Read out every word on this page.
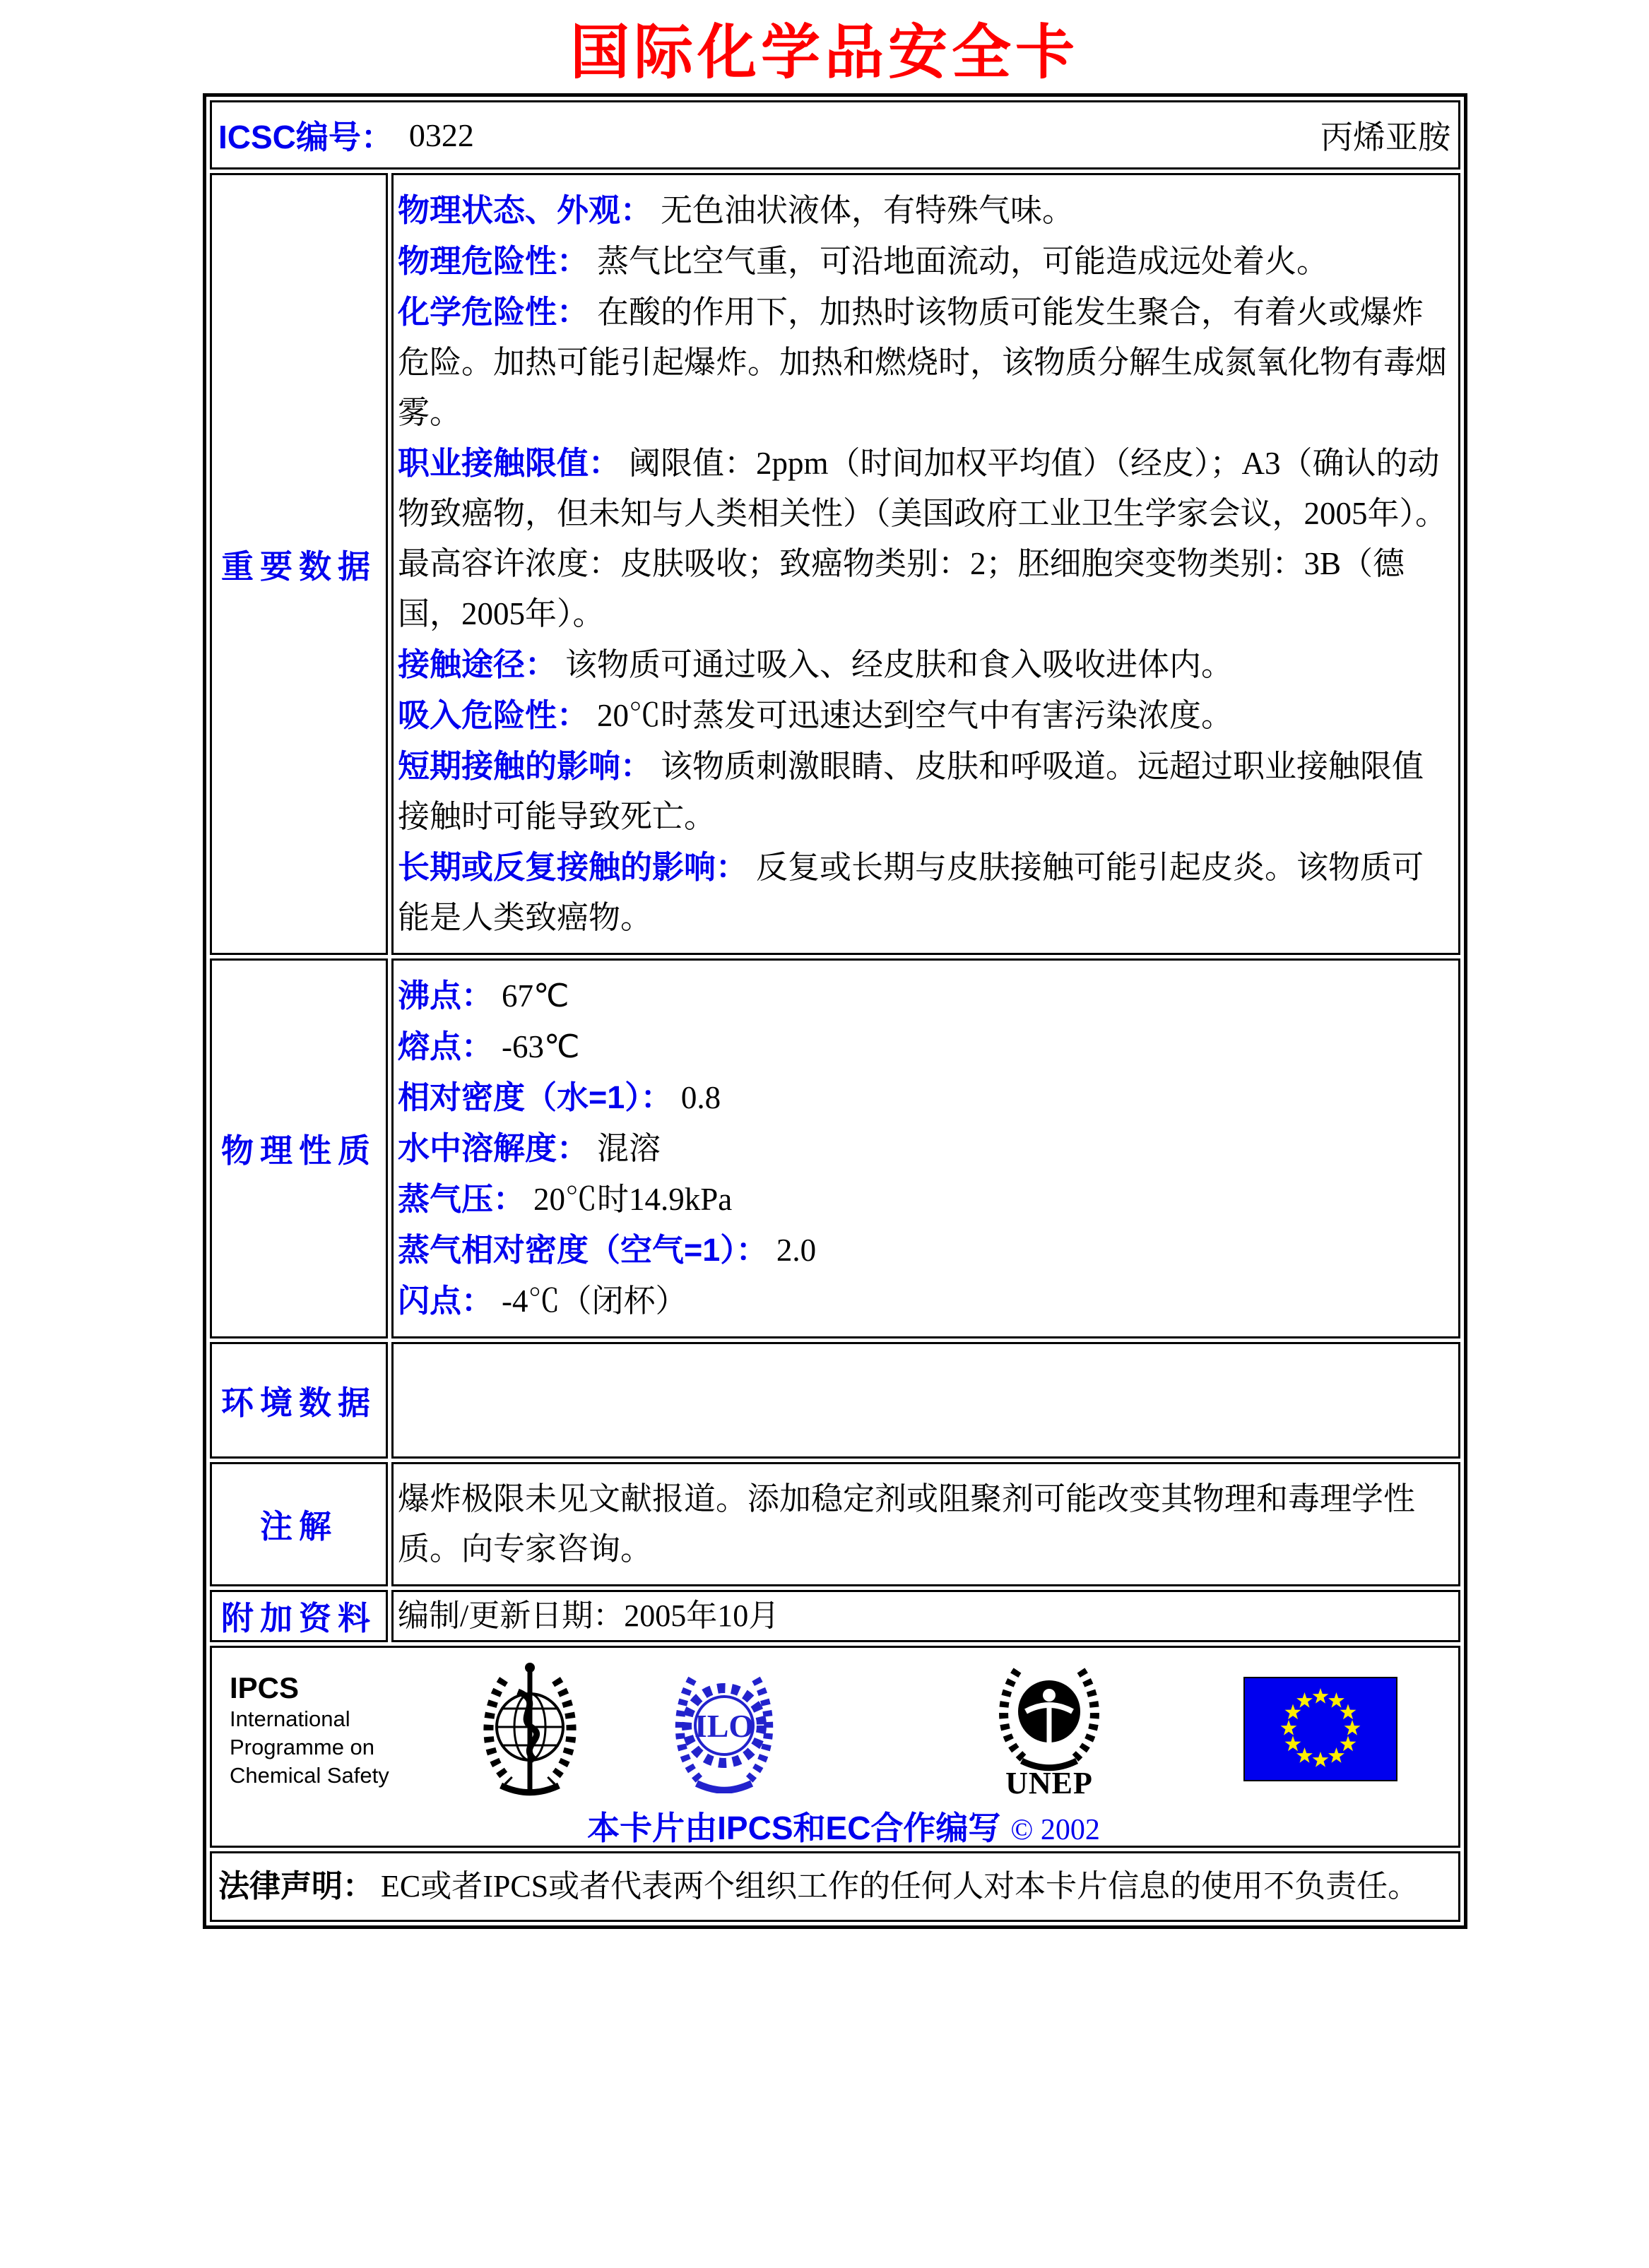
国际化学品安全卡
ICSC编号： 0322 丙烯亚胺	

重要数据	

物理状态、外观： 无色油状液体，有特殊气味。

物理危险性： 蒸气比空气重，可沿地面流动，可能造成远处着火。

化学危险性： 在酸的作用下，加热时该物质可能发生聚合，有着火或爆炸危险。加热可能引起爆炸。加热和燃烧时，该物质分解生成氮氧化物有毒烟雾。

职业接触限值： 阈限值：2ppm（时间加权平均值）（经皮）；A3（确认的动物致癌物，但未知与人类相关性）（美国政府工业卫生学家会议，2005年）。最高容许浓度：皮肤吸收；致癌物类别：2；胚细胞突变物类别：3B（德国，2005年）。

接触途径： 该物质可通过吸入、经皮肤和食入吸收进体内。

吸入危险性： 20℃时蒸发可迅速达到空气中有害污染浓度。

短期接触的影响： 该物质刺激眼睛、皮肤和呼吸道。远超过职业接触限值接触时可能导致死亡。

长期或反复接触的影响： 反复或长期与皮肤接触可能引起皮炎。该物质可能是人类致癌物。

物理性质	

沸点： 67℃

熔点： -63℃

相对密度（水=1）： 0.8

水中溶解度： 混溶

蒸气压： 20℃时14.9kPa

蒸气相对密度（空气=1）： 2.0

闪点： -4℃（闭杯）

环境数据	
注解	爆炸极限未见文献报道。添加稳定剂或阻聚剂可能改变其物理和毒理学性质。向专家咨询。

附加资料	编制/更新日期：2005年10月

IPCS
International
Programme on
Chemical Safety
ILO
UNEP
本卡片由IPCS和EC合作编写 © 2002

法律声明： EC或者IPCS或者代表两个组织工作的任何人对本卡片信息的使用不负责任。	
